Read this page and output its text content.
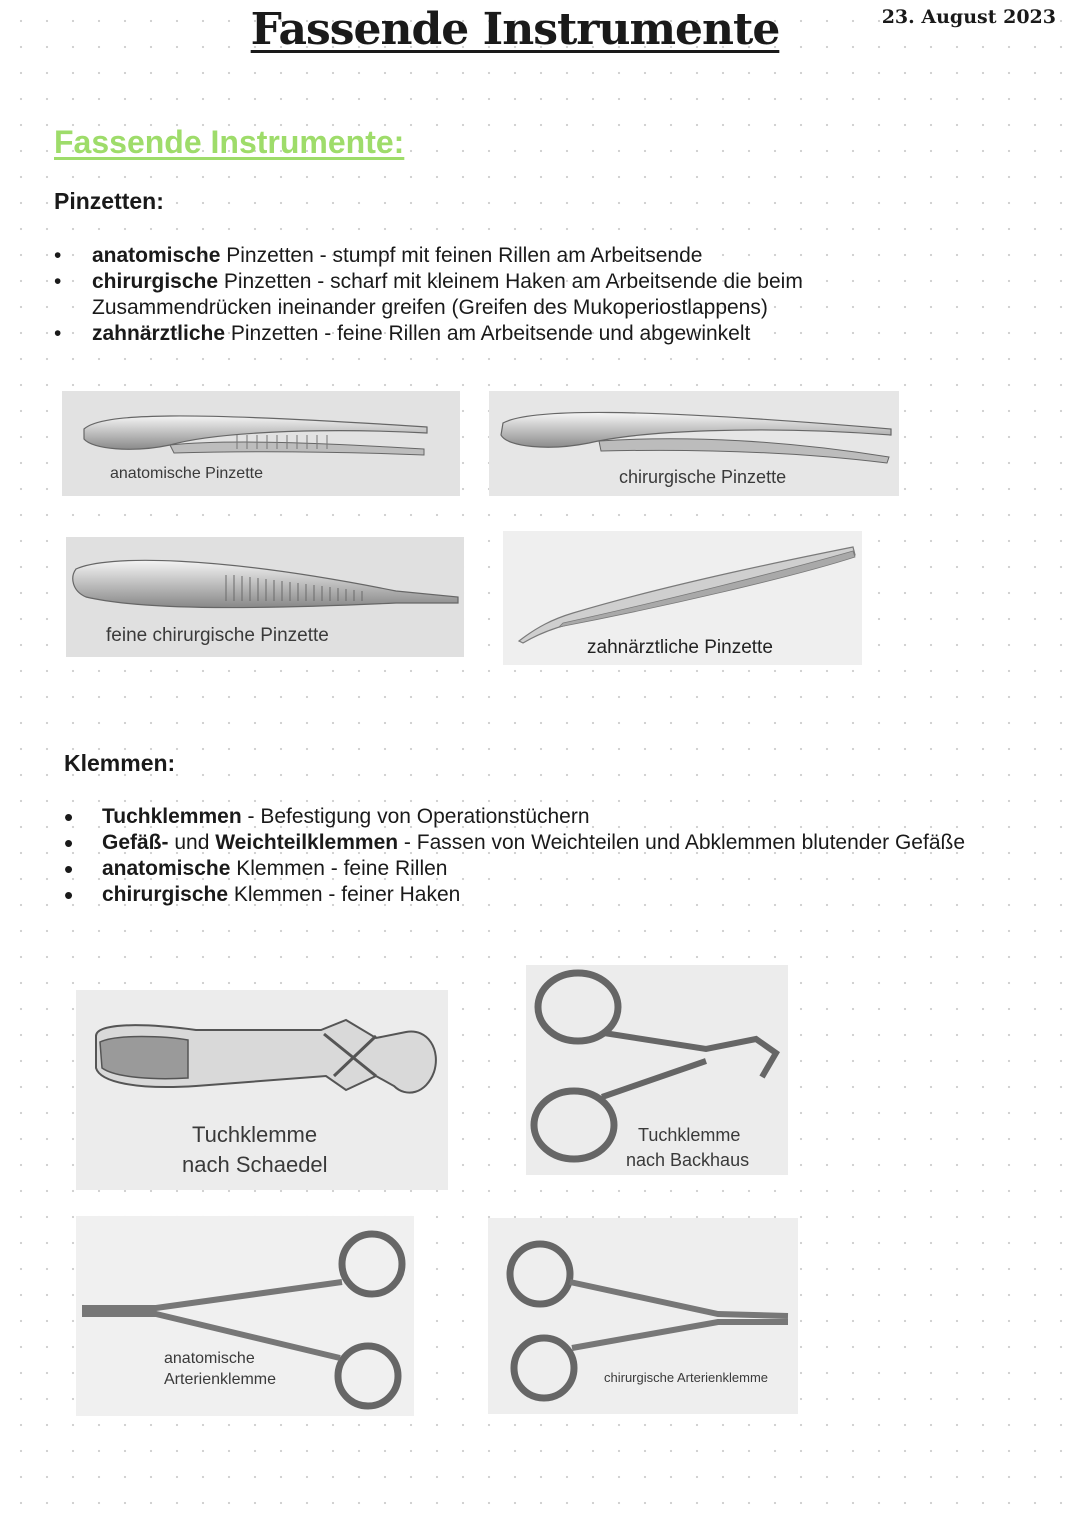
Fassende Instrumente	23. August 2023

Fassende Instrumente:
Pinzetten:
• anatomische Pinzetten - stumpf mit feinen Rillen am Arbeitsende
• chirurgische Pinzetten - scharf mit kleinem Haken am Arbeitsende die beim Zusammendrücken ineinander greifen (Greifen des Mukoperiostlappens)
• zahnärztliche Pinzetten - feine Rillen am Arbeitsende und abgewinkelt
anatomische Pinzette	chirurgische Pinzette
feine chirurgische Pinzette
zahnärztliche Pinzette
Klemmen:
• Tuchklemmen - Befestigung von Operationstüchern
• Gefäß- und Weichteilklemmen - Fassen von Weichteilen und Abklemmen blutender Gefäße
• anatomische Klemmen - feine Rillen
• chirurgische Klemmen - feiner Haken
Tuchklemme
nach Schaedel
Tuchklemme
nach Backhaus
anatomische
Arterienklemme	chirurgische Arterienklemme
